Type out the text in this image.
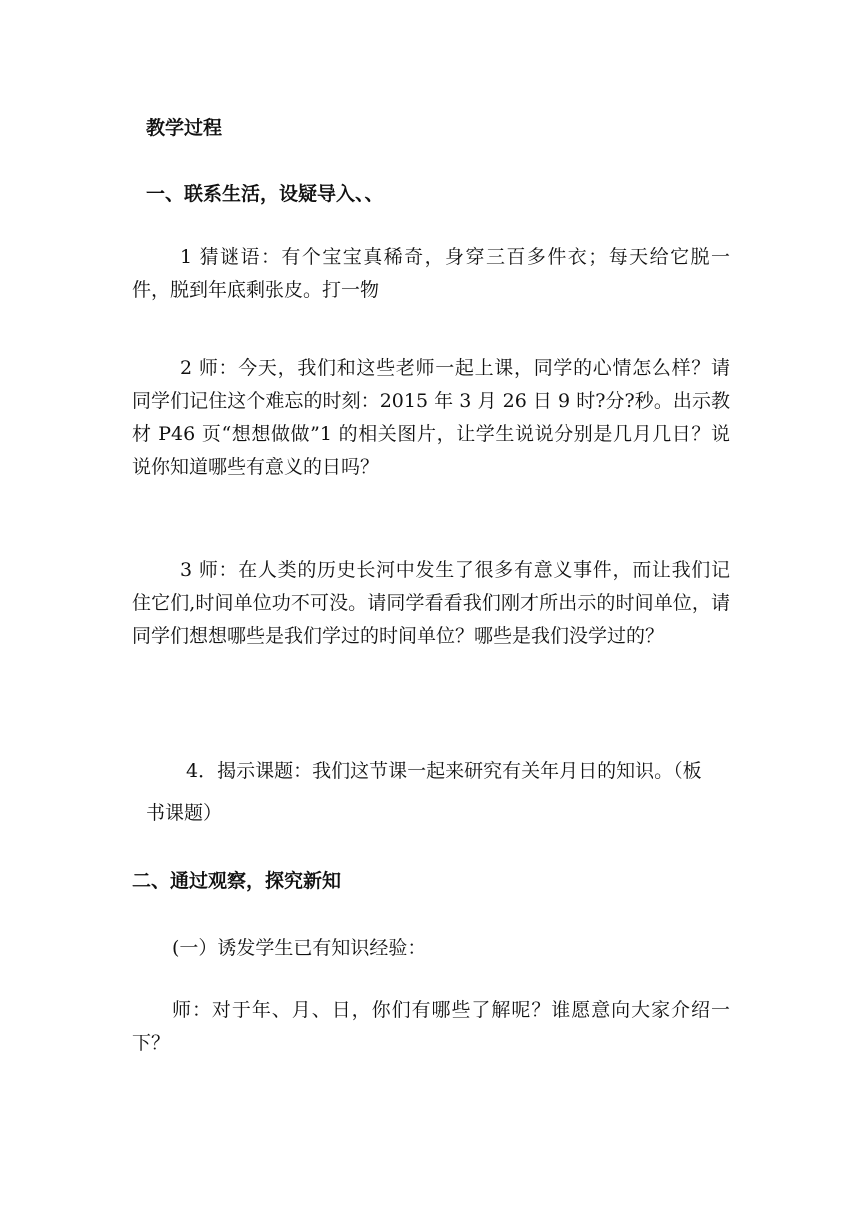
教学过程
一、联系生活，设疑导入、、
1 猜谜语：有个宝宝真稀奇，身穿三百多件衣；每天给它脱一件，脱到年底剩张皮。打一物
2 师：今天，我们和这些老师一起上课，同学的心情怎么样？请同学们记住这个难忘的时刻：2015 年 3 月 26 日 9 时?分?秒。出示教材 P46 页“想想做做”1 的相关图片，让学生说说分别是几月几日？说说你知道哪些有意义的日吗？
3 师：在人类的历史长河中发生了很多有意义事件，而让我们记住它们,时间单位功不可没。请同学看看我们刚才所出示的时间单位，请同学们想想哪些是我们学过的时间单位？哪些是我们没学过的？
4．揭示课题：我们这节课一起来研究有关年月日的知识。（板
书课题）
二、通过观察，探究新知
(一）诱发学生已有知识经验：
师：对于年、月、日，你们有哪些了解呢？谁愿意向大家介绍一下？
